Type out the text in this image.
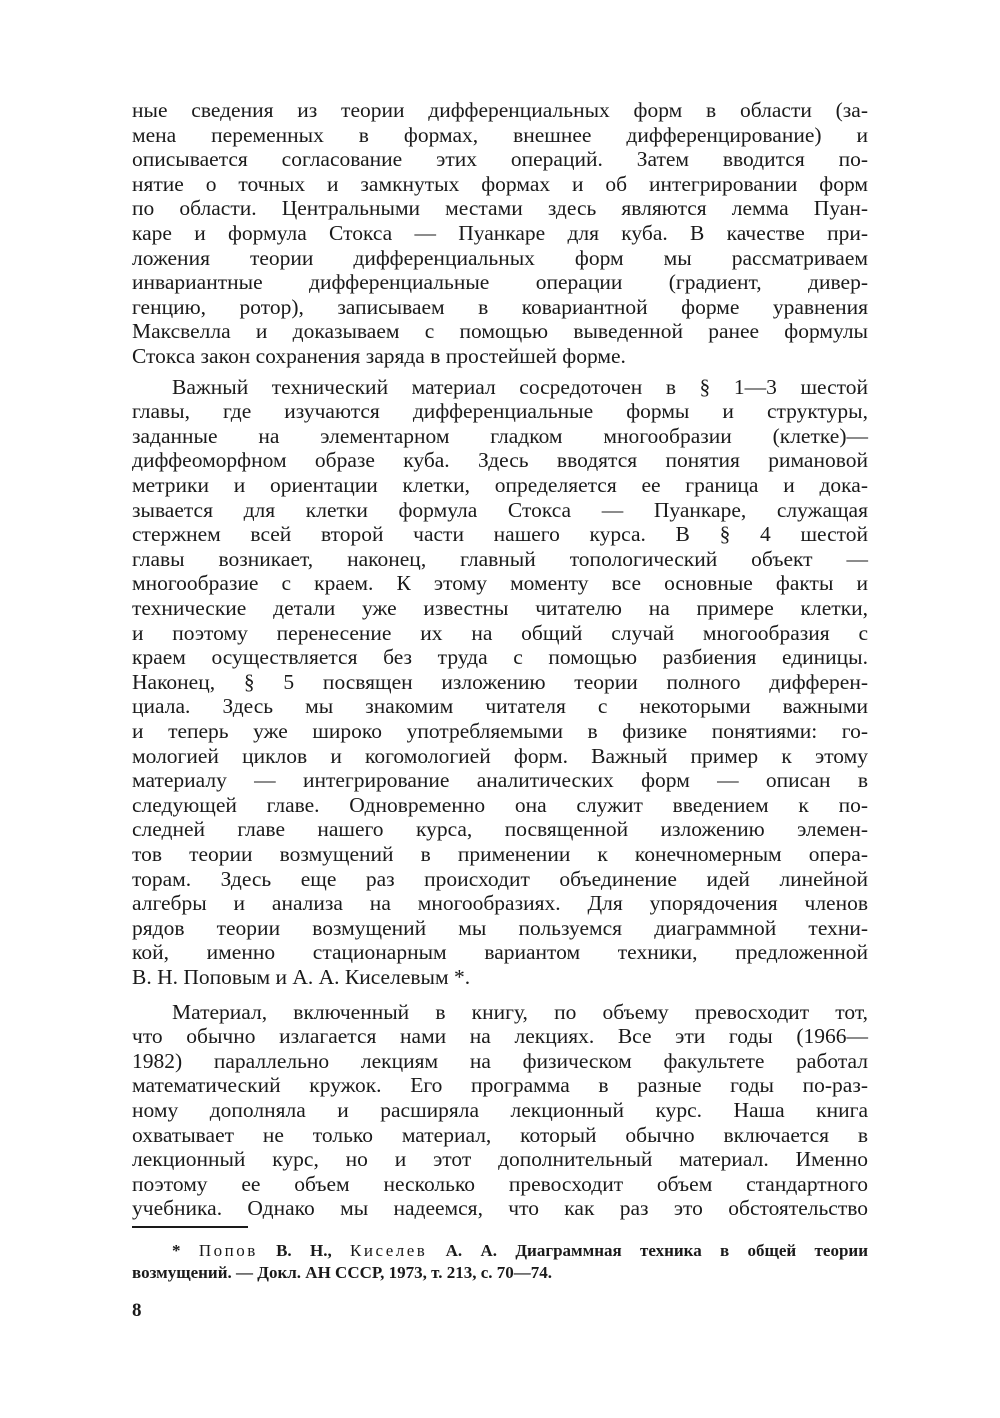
ные сведения из теории дифференциальных форм в области (за-
мена переменных в формах, внешнее дифференцирование) и
описывается согласование этих операций. Затем вводится по-
нятие о точных и замкнутых формах и об интегрировании форм
по области. Центральными местами здесь являются лемма Пуан-
каре и формула Стокса — Пуанкаре для куба. В качестве при-
ложения теории дифференциальных форм мы рассматриваем
инвариантные дифференциальные операции (градиент, дивер-
генцию, ротор), записываем в ковариантной форме уравнения
Максвелла и доказываем с помощью выведенной ранее формулы
Стокса закон сохранения заряда в простейшей форме.
Важный технический материал сосредоточен в § 1—3 шестой
главы, где изучаются дифференциальные формы и структуры,
заданные на элементарном гладком многообразии (клетке)—
диффеоморфном образе куба. Здесь вводятся понятия римановой
метрики и ориентации клетки, определяется ее граница и дока-
зывается для клетки формула Стокса — Пуанкаре, служащая
стержнем всей второй части нашего курса. В § 4 шестой
главы возникает, наконец, главный топологический объект —
многообразие с краем. К этому моменту все основные факты и
технические детали уже известны читателю на примере клетки,
и поэтому перенесение их на общий случай многообразия с
краем осуществляется без труда с помощью разбиения единицы.
Наконец, § 5 посвящен изложению теории полного дифферен-
циала. Здесь мы знакомим читателя с некоторыми важными
и теперь уже широко употребляемыми в физике понятиями: го-
мологией циклов и когомологией форм. Важный пример к этому
материалу — интегрирование аналитических форм — описан в
следующей главе. Одновременно она служит введением к по-
следней главе нашего курса, посвященной изложению элемен-
тов теории возмущений в применении к конечномерным опера-
торам. Здесь еще раз происходит объединение идей линейной
алгебры и анализа на многообразиях. Для упорядочения членов
рядов теории возмущений мы пользуемся диаграммной техни-
кой, именно стационарным вариантом техники, предложенной
В. Н. Поповым и А. А. Киселевым *.
Материал, включенный в книгу, по объему превосходит тот,
что обычно излагается нами на лекциях. Все эти годы (1966—
1982) параллельно лекциям на физическом факультете работал
математический кружок. Его программа в разные годы по-раз-
ному дополняла и расширяла лекционный курс. Наша книга
охватывает не только материал, который обычно включается в
лекционный курс, но и этот дополнительный материал. Именно
поэтому ее объем несколько превосходит объем стандартного
учебника. Однако мы надеемся, что как раз это обстоятельство
* Попов В. Н., Киселев А. А. Диаграммная техника в общей теории
возмущений. — Докл. АН СССР, 1973, т. 213, с. 70—74.
8
